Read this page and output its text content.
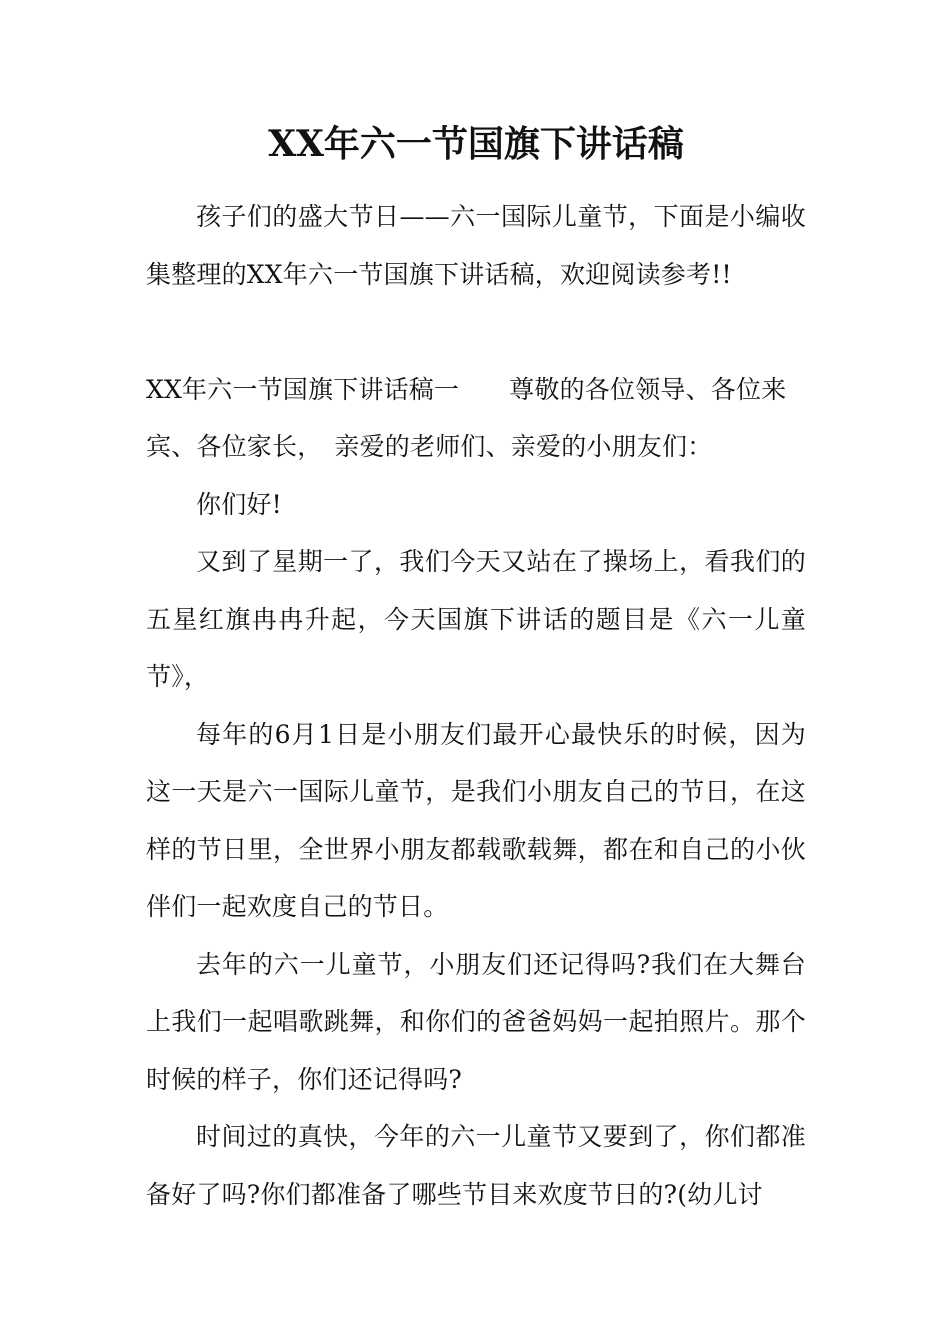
XX年六一节国旗下讲话稿

孩子们的盛大节日——六一国际儿童节，下面是小编收集整理的XX年六一节国旗下讲话稿，欢迎阅读参考!!

XX年六一节国旗下讲话稿一 尊敬的各位领导、各位来宾、各位家长， 亲爱的老师们、亲爱的小朋友们：

你们好!

又到了星期一了，我们今天又站在了操场上，看我们的五星红旗冉冉升起，今天国旗下讲话的题目是《六一儿童节》，

每年的6月1日是小朋友们最开心最快乐的时候，因为这一天是六一国际儿童节，是我们小朋友自己的节日，在这样的节日里，全世界小朋友都载歌载舞，都在和自己的小伙伴们一起欢度自己的节日。

去年的六一儿童节，小朋友们还记得吗?我们在大舞台上我们一起唱歌跳舞，和你们的爸爸妈妈一起拍照片。那个时候的样子，你们还记得吗?

时间过的真快，今年的六一儿童节又要到了，你们都准备好了吗?你们都准备了哪些节目来欢度节日的?(幼儿讨
